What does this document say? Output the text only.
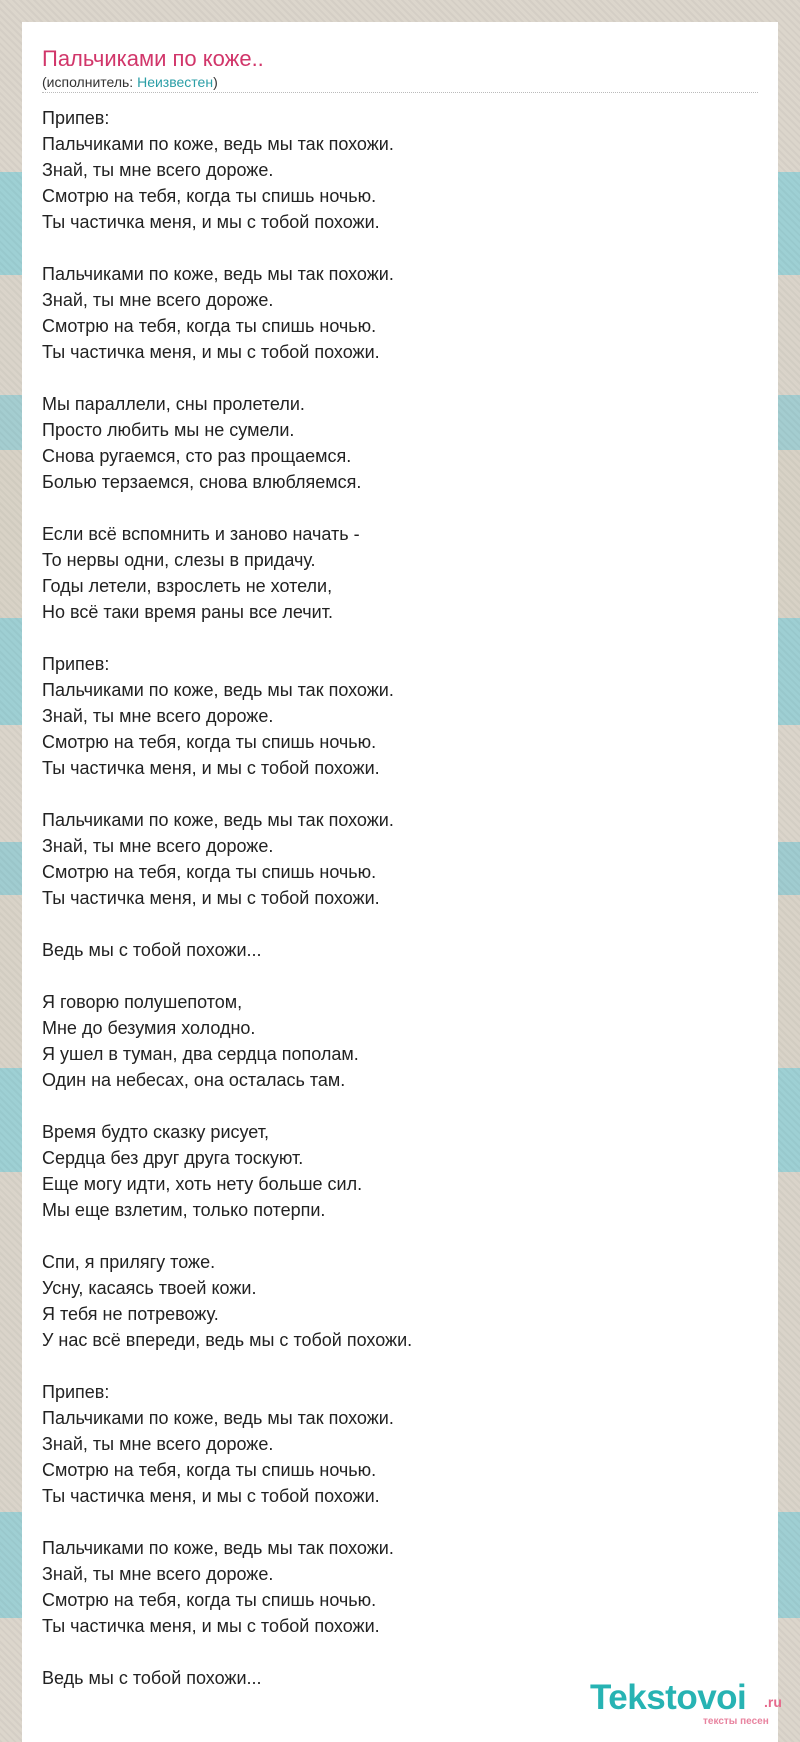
Пальчиками по коже..
(исполнитель: Неизвестен)
Припев:
Пальчиками по коже, ведь мы так похожи.
Знай, ты мне всего дороже.
Смотрю на тебя, когда ты спишь ночью.
Ты частичка меня, и мы с тобой похожи.
Пальчиками по коже, ведь мы так похожи.
Знай, ты мне всего дороже.
Смотрю на тебя, когда ты спишь ночью.
Ты частичка меня, и мы с тобой похожи.
Мы параллели, сны пролетели.
Просто любить мы не сумели.
Снова ругаемся, сто раз прощаемся.
Болью терзаемся, снова влюбляемся.
Если всё вспомнить и заново начать -
То нервы одни, слезы в придачу.
Годы летели, взрослеть не хотели,
Но всё таки время раны все лечит.
Припев:
Пальчиками по коже, ведь мы так похожи.
Знай, ты мне всего дороже.
Смотрю на тебя, когда ты спишь ночью.
Ты частичка меня, и мы с тобой похожи.
Пальчиками по коже, ведь мы так похожи.
Знай, ты мне всего дороже.
Смотрю на тебя, когда ты спишь ночью.
Ты частичка меня, и мы с тобой похожи.
Ведь мы с тобой похожи...
Я говорю полушепотом,
Мне до безумия холодно.
Я ушел в туман, два сердца пополам.
Один на небесах, она осталась там.
Время будто сказку рисует,
Сердца без друг друга тоскуют.
Еще могу идти, хоть нету больше сил.
Мы еще взлетим, только потерпи.
Спи, я прилягу тоже.
Усну, касаясь твоей кожи.
Я тебя не потревожу.
У нас всё впереди, ведь мы с тобой похожи.
Припев:
Пальчиками по коже, ведь мы так похожи.
Знай, ты мне всего дороже.
Смотрю на тебя, когда ты спишь ночью.
Ты частичка меня, и мы с тобой похожи.
Пальчиками по коже, ведь мы так похожи.
Знай, ты мне всего дороже.
Смотрю на тебя, когда ты спишь ночью.
Ты частичка меня, и мы с тобой похожи.
Ведь мы с тобой похожи...	Tekstovoi .ru
тексты песен
